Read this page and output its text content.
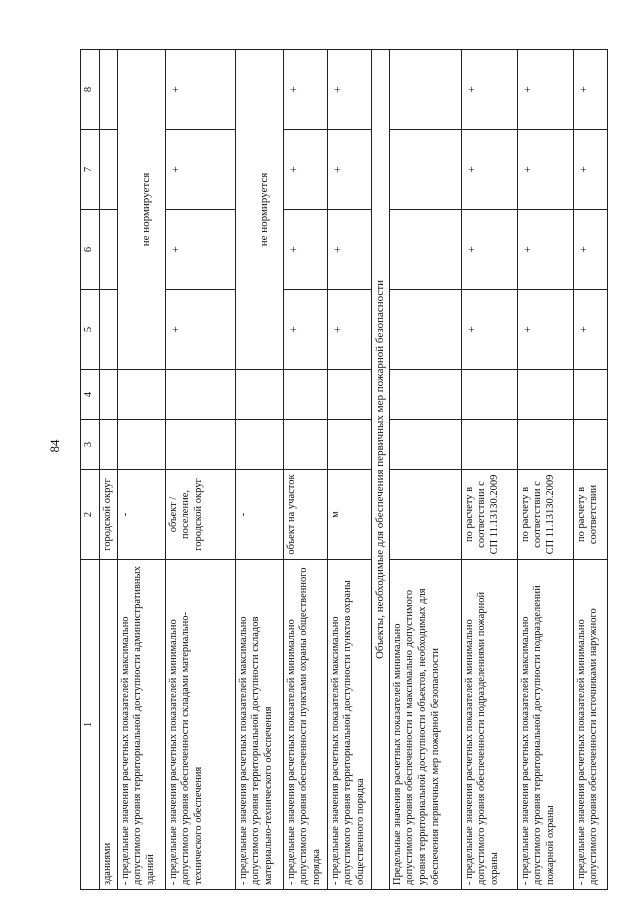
84
1	2	3	4	5	6	7	8
зданиями	городской округ						
- предельные значения расчетных показателей максимально допустимого уровня территориальной доступности административных зданий	-			не нормируется			
- предельные значения расчетных показателей минимально допустимого уровня обеспеченности складами материально-технического обеспечения	объект / поселение, городской округ			+	+	+	+
- предельные значения расчетных показателей максимально допустимого уровня территориальной доступности складов материально-технического обеспечения	-			не нормируется			
- предельные значения расчетных показателей минимально допустимого уровня обеспеченности пунктами охраны общественного порядка	объект на участок			+	+	+	+
- предельные значения расчетных показателей максимально допустимого уровня территориальной доступности пунктов охраны общественного порядка	м			+	+	+	+
Объекты, необходимые для обеспечения первичных мер пожарной безопасности							
Предельные значения расчетных показателей минимально допустимого уровня обеспеченности и максимально допустимого уровня территориальной доступности объектов, необходимых для обеспечения первичных мер пожарной безопасности							
- предельные значения расчетных показателей минимально допустимого уровня обеспеченности подразделениями пожарной охраны	по расчету в соответствии с СП 11.13130.2009			+	+	+	+
- предельные значения расчетных показателей максимально допустимого уровня территориальной доступности подразделений пожарной охраны	по расчету в соответствии с СП 11.13130.2009			+	+	+	+
- предельные значения расчетных показателей минимально допустимого уровня обеспеченности источниками наружного	по расчету в соответствии			+	+	+	+
